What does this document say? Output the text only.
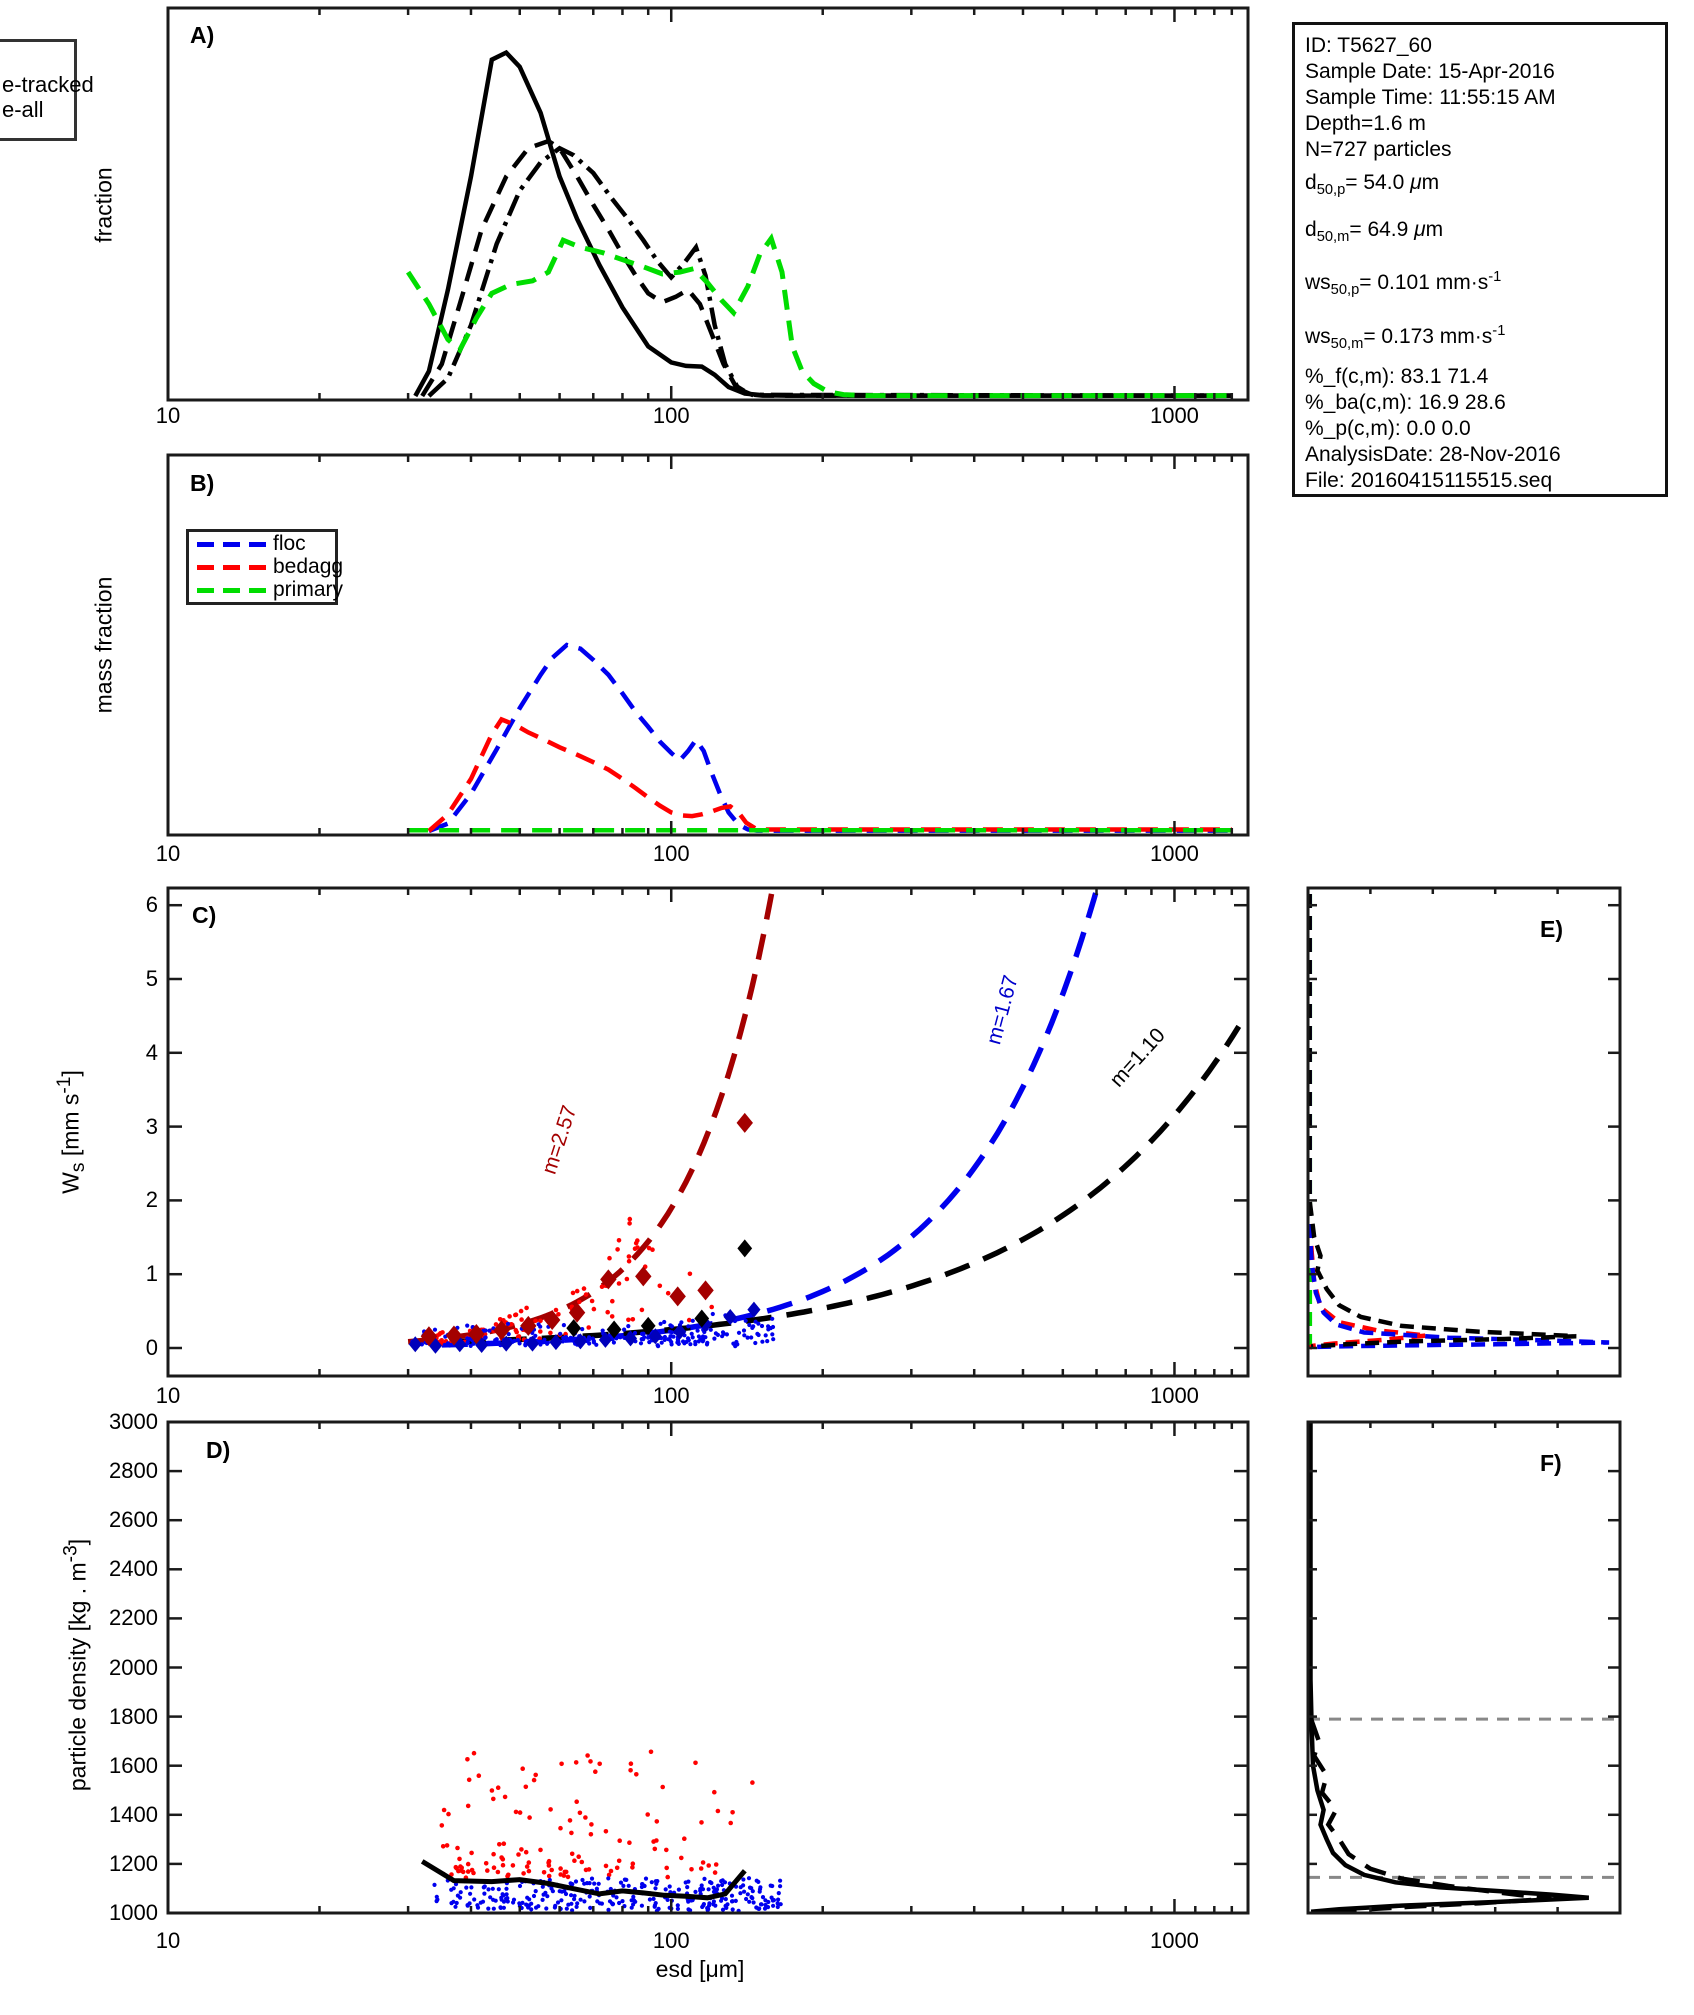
e-tracked
e-all
A)
B)
C)
D)
E)
F)
fraction
mass fraction
$W_s$ [mm $s^{-1}$]
particle density [kg . $m^{-3}$]
esd [μm]
m=2.57
m=1.67
m=1.10
floc
bedagg
primary
ID: T5627_60
Sample Date: 15-Apr-2016
Sample Time: 11:55:15 AM
Depth=1.6 m
N=727 particles
$d_{50,p}= 54.0$ μm
$d_{50,m}= 64.9$ μm
$ws_{50,p}= 0.101$ $mm\cdot s^{-1}$
$ws_{50,m}= 0.173$ $mm\cdot s^{-1}$
%_f(c,m): 83.1 71.4
%_ba(c,m): 16.9 28.6
%_p(c,m): 0.0 0.0
AnalysisDate: 28-Nov-2016
File: 20160415115515.seq
10	100	1000
10	100	1000
10	100	1000
10	100	1000
0
1
2
3
4
5
6
1000
1200
1400
1600
1800
2000
2200
2400
2600
2800
3000
